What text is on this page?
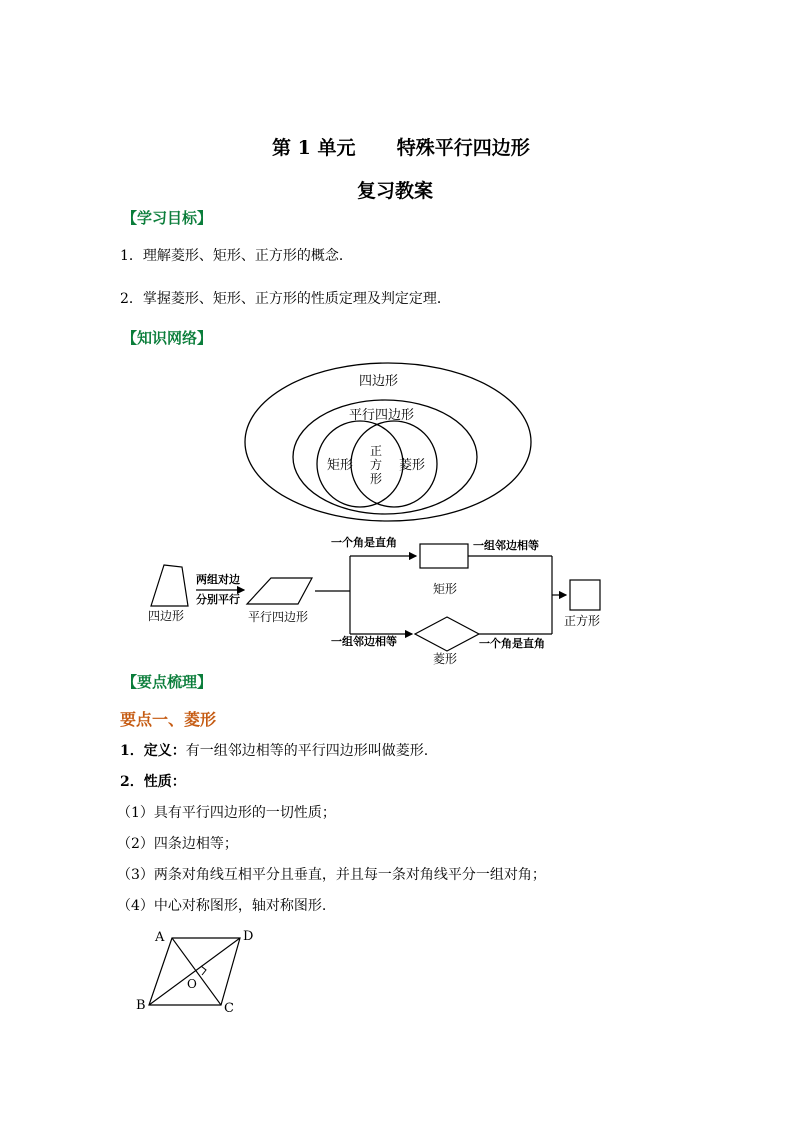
第 1 单元 特殊平行四边形
复习教案
【学习目标】
1．理解菱形、矩形、正方形的概念．
2．掌握菱形、矩形、正方形的性质定理及判定定理．
【知识网络】
四边形
平行四边形
矩形	菱形
正
方
形
四边形
两组对边
分别平行
平行四边形
一个角是直角
矩形
一组邻边相等
一组邻边相等
菱形
一个角是直角
正方形
【要点梳理】
要点一、菱形
1．定义：有一组邻边相等的平行四边形叫做菱形.
2．性质：
（1）具有平行四边形的一切性质；
（2）四条边相等；
（3）两条对角线互相平分且垂直，并且每一条对角线平分一组对角；
（4）中心对称图形，轴对称图形.
A	D
B	C
O
